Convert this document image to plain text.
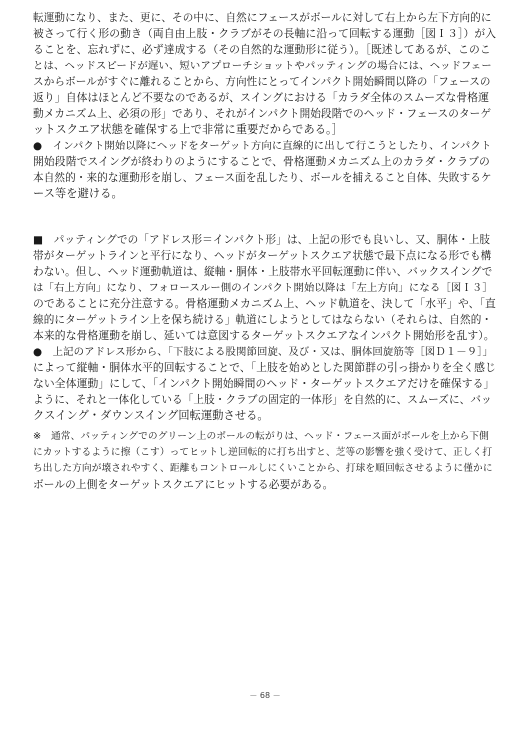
転運動になり、また、更に、その中に、自然にフェースがボールに対して右上から左下方向的に
被さって行く形の動き（両自由上肢・クラブがその長軸に沿って回転する運動［図Ｉ３］）が入
ることを、忘れずに、必ず達成する（その自然的な運動形に従う）。［既述してあるが、このこ
とは、ヘッドスピードが遅い、短いアプローチショットやパッティングの場合には、ヘッドフェー
スからボールがすぐに離れることから、方向性にとってインパクト開始瞬間以降の「フェースの
返り」自体はほとんど不要なのであるが、スイングにおける「カラダ全体のスムーズな骨格運
動メカニズム上、必須の形」であり、それがインパクト開始段階でのヘッド・フェースのターゲ
ットスクエア状態を確保する上で非常に重要だからである。］
●　インパクト開始以降にヘッドをターゲット方向に直線的に出して行こうとしたり、インパクト
開始段階でスイングが終わりのようにすることで、骨格運動メカニズム上のカラダ・クラブの
本自然的・来的な運動形を崩し、フェース面を乱したり、ボールを捕えること自体、失敗するケ
ース等を避ける。
■　パッティングでの「アドレス形＝インパクト形」は、上記の形でも良いし、又、胴体・上肢
帯がターゲットラインと平行になり、ヘッドがターゲットスクエア状態で最下点になる形でも構
わない。但し、ヘッド運動軌道は、縦軸・胴体・上肢帯水平回転運動に伴い、バックスイングで
は「右上方向」になり、フォロースルー側のインパクト開始以降は「左上方向」になる［図Ｉ３］
のであることに充分注意する。骨格運動メカニズム上、ヘッド軌道を、決して「水平」や、「直
線的にターゲットライン上を保ち続ける」軌道にしようとしてはならない（それらは、自然的・
本来的な骨格運動を崩し、延いては意図するターゲットスクエアなインパクト開始形を乱す）。
●　上記のアドレス形から、「下肢による股関節回旋、及び・又は、胴体回旋筋等［図Ｄ１－９］」
によって縦軸・胴体水平的回転することで、「上肢を始めとした関節群の引っ掛かりを全く感じ
ない全体運動」にして、「インパクト開始瞬間のヘッド・ターゲットスクエアだけを確保する」
ように、それと一体化している「上肢・クラブの固定的一体形」を自然的に、スムーズに、バッ
クスイング・ダウンスイング回転運動させる。
※　通常、パッティングでのグリーン上のボールの転がりは、ヘッド・フェース面がボールを上から下側
にカットするように擦（こす）ってヒットし逆回転的に打ち出すと、芝等の影響を強く受けて、正しく打
ち出した方向が壊されやすく、距離もコントロールしにくいことから、打球を順回転させるように僅かに
ボールの上側をターゲットスクエアにヒットする必要がある。
－ 68 －
